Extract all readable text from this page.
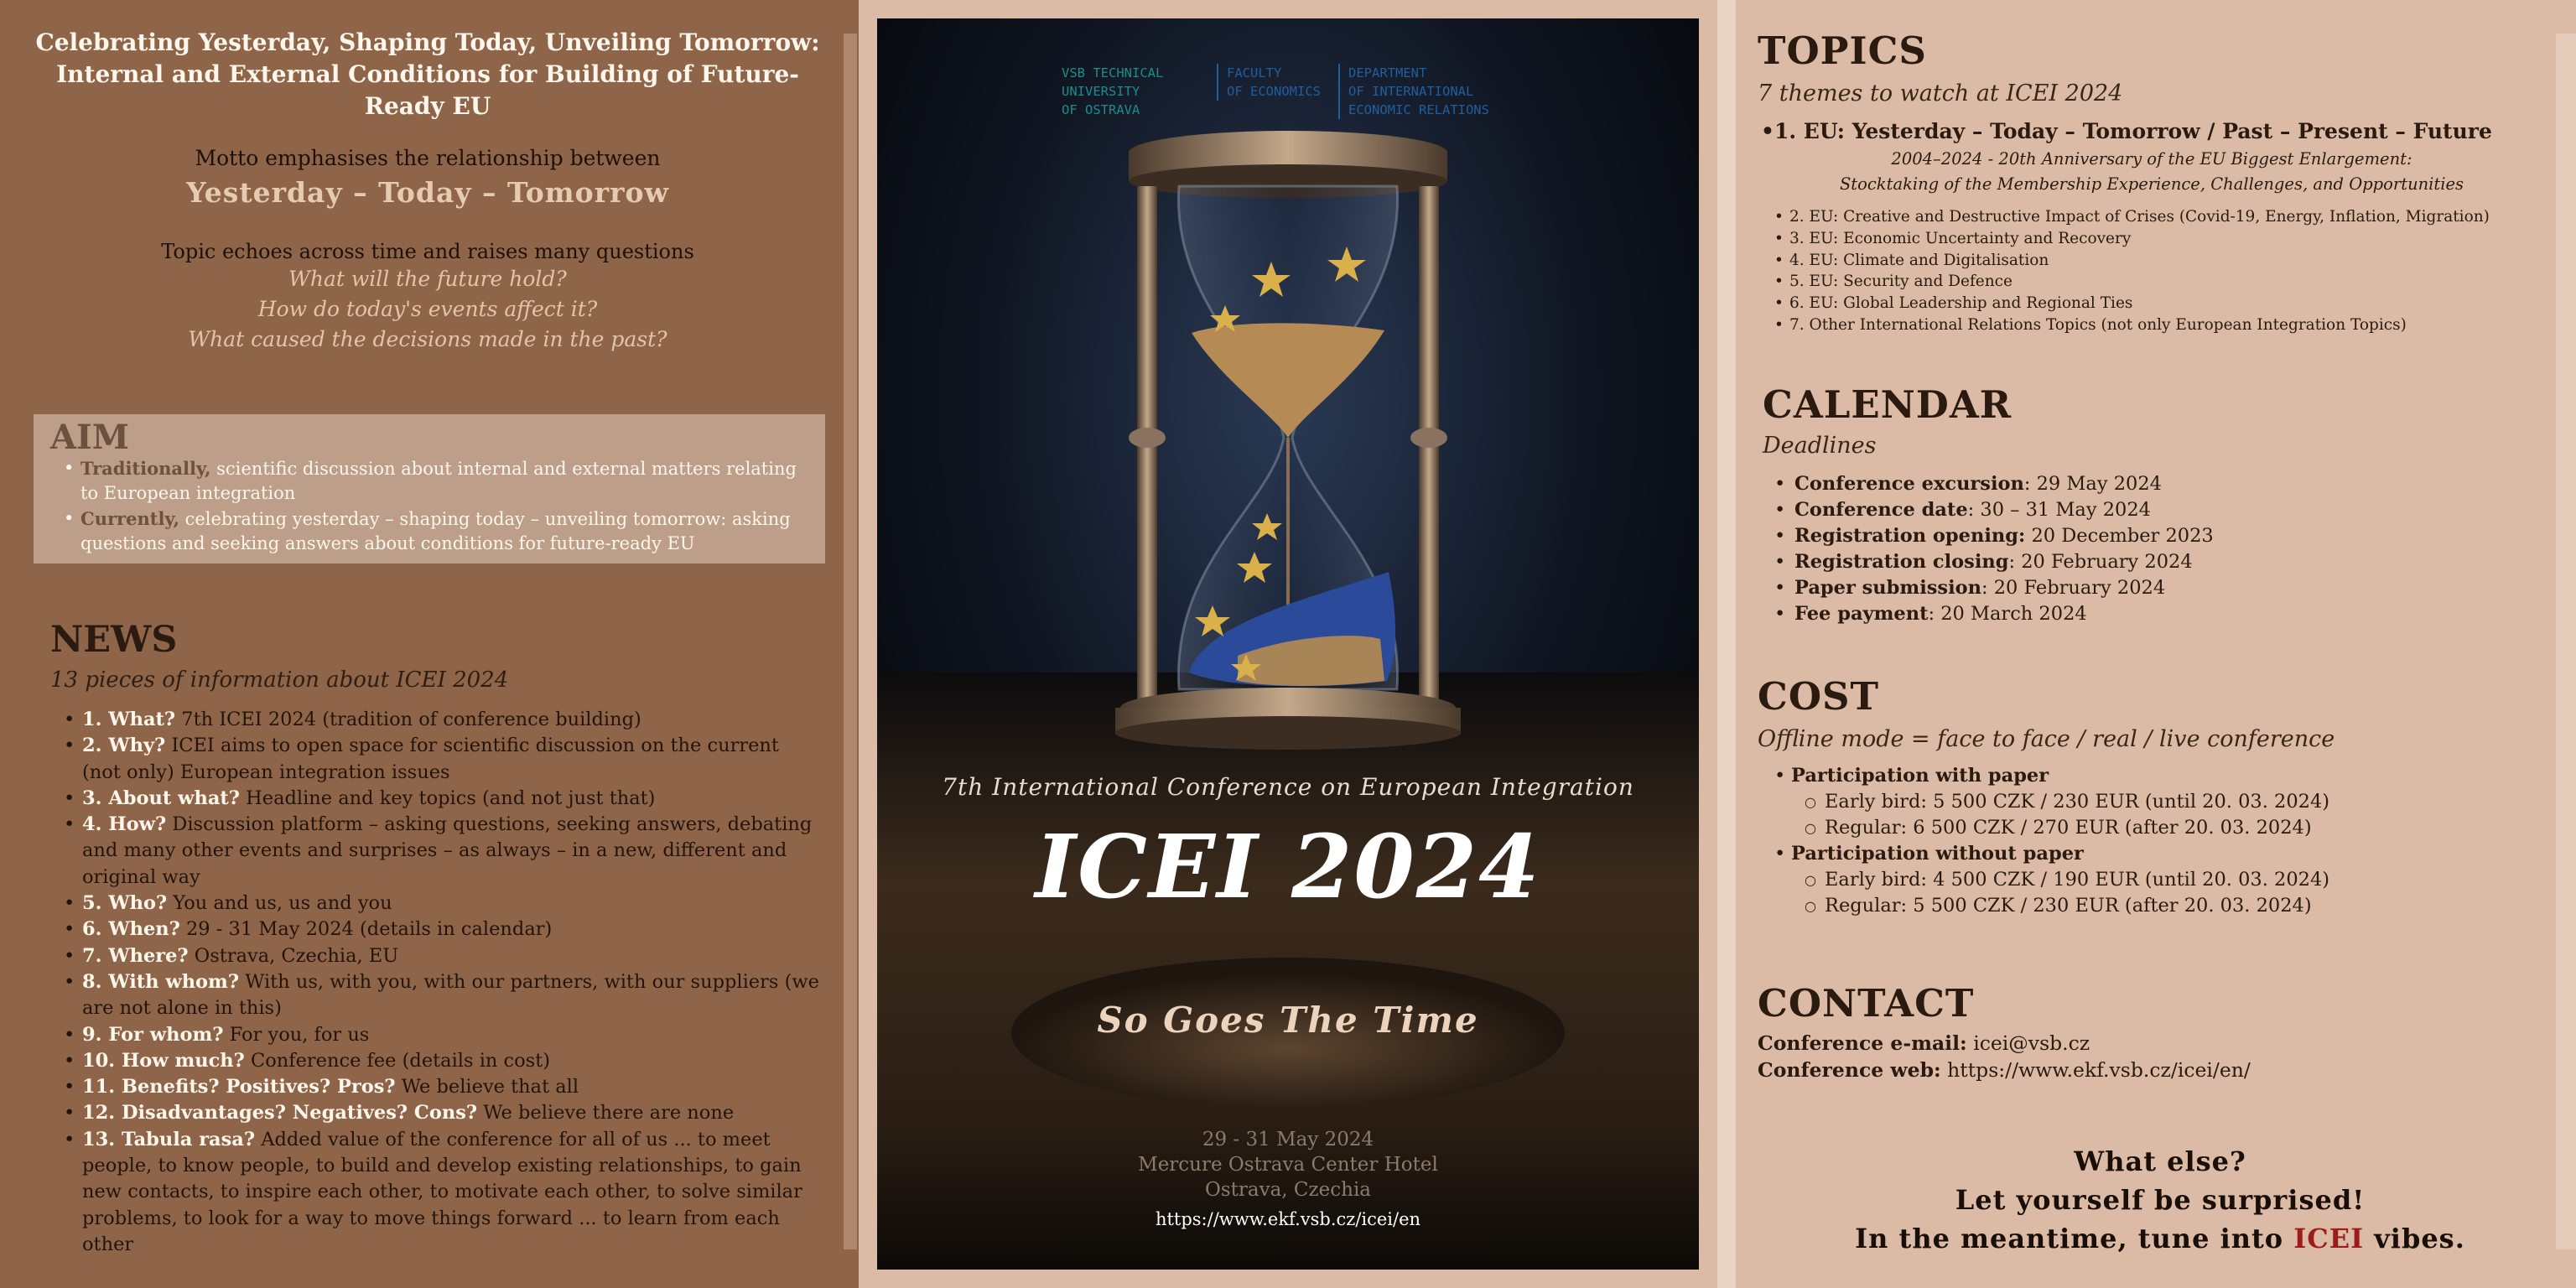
Celebrating Yesterday, Shaping Today, Unveiling Tomorrow:
Internal and External Conditions for Building of Future-Ready EU
Motto emphasises the relationship between
Yesterday – Today – Tomorrow
Topic echoes across time and raises many questions
What will the future hold?
How do today's events affect it?
What caused the decisions made in the past?
AIM
• Traditionally, scientific discussion about internal and external matters relating to European integration
• Currently, celebrating yesterday – shaping today – unveiling tomorrow: asking questions and seeking answers about conditions for future-ready EU
NEWS
13 pieces of information about ICEI 2024
• 1. What? 7th ICEI 2024 (tradition of conference building)
• 2. Why? ICEI aims to open space for scientific discussion on the current (not only) European integration issues
• 3. About what? Headline and key topics (and not just that)
• 4. How? Discussion platform – asking questions, seeking answers, debating and many other events and surprises – as always – in a new, different and original way
• 5. Who? You and us, us and you
• 6. When? 29 - 31 May 2024 (details in calendar)
• 7. Where? Ostrava, Czechia, EU
• 8. With whom? With us, with you, with our partners, with our suppliers (we are not alone in this)
• 9. For whom? For you, for us
• 10. How much? Conference fee (details in cost)
• 11. Benefits? Positives? Pros? We believe that all
• 12. Disadvantages? Negatives? Cons? We believe there are none
• 13. Tabula rasa? Added value of the conference for all of us ... to meet people, to know people, to build and develop existing relationships, to gain new contacts, to inspire each other, to motivate each other, to solve similar problems, to look for a way to move things forward ... to learn from each other
VSB TECHNICAL
UNIVERSITY
OF OSTRAVA
FACULTY
OF ECONOMICS
DEPARTMENT
OF INTERNATIONAL
ECONOMIC RELATIONS
7th International Conference on European Integration
ICEI 2024
So Goes The Time
29 - 31 May 2024
Mercure Ostrava Center Hotel
Ostrava, Czechia
https://www.ekf.vsb.cz/icei/en
TOPICS
7 themes to watch at ICEI 2024
• 1. EU: Yesterday – Today – Tomorrow / Past – Present – Future
2004–2024 - 20th Anniversary of the EU Biggest Enlargement:
Stocktaking of the Membership Experience, Challenges, and Opportunities
• 2. EU: Creative and Destructive Impact of Crises (Covid-19, Energy, Inflation, Migration)
• 3. EU: Economic Uncertainty and Recovery
• 4. EU: Climate and Digitalisation
• 5. EU: Security and Defence
• 6. EU: Global Leadership and Regional Ties
• 7. Other International Relations Topics (not only European Integration Topics)
CALENDAR
Deadlines
• Conference excursion: 29 May 2024
• Conference date: 30 – 31 May 2024
• Registration opening: 20 December 2023
• Registration closing: 20 February 2024
• Paper submission: 20 February 2024
• Fee payment: 20 March 2024
COST
Offline mode = face to face / real / live conference
• Participation with paper
○ Early bird: 5 500 CZK / 230 EUR (until 20. 03. 2024)
○ Regular: 6 500 CZK / 270 EUR (after 20. 03. 2024)
• Participation without paper
○ Early bird: 4 500 CZK / 190 EUR (until 20. 03. 2024)
○ Regular: 5 500 CZK / 230 EUR (after 20. 03. 2024)
CONTACT
Conference e-mail: icei@vsb.cz
Conference web: https://www.ekf.vsb.cz/icei/en/
What else?
Let yourself be surprised!
In the meantime, tune into ICEI vibes.
